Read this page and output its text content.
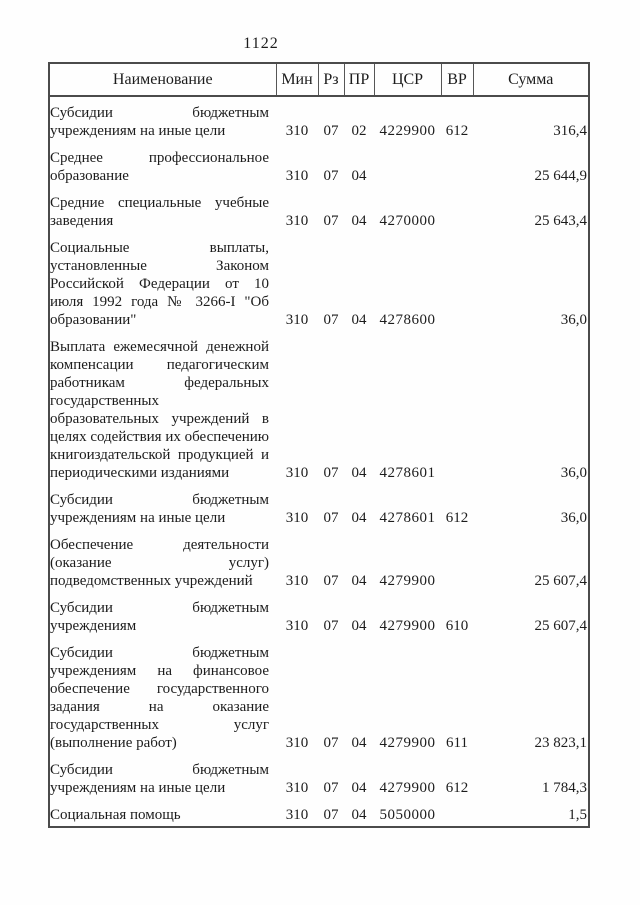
1122
Наименование	Мин	Рз	ПР	ЦСР	ВР	Сумма
Субсидии бюджетным учреждениям на иные цели	310	07	02	4229900	612	316,4
Среднее профессиональное образование	310	07	04			25 644,9
Средние специальные учебные заведения	310	07	04	4270000		25 643,4
Социальные выплаты, установленные Законом Российской Федерации от 10 июля 1992 года № 3266-I "Об образовании"	310	07	04	4278600		36,0
Выплата ежемесячной денежной компенсации педагогическим работникам федеральных государственных образовательных учреждений в целях содействия их обеспечению книгоиздательской продукцией и периодическими изданиями	310	07	04	4278601		36,0
Субсидии бюджетным учреждениям на иные цели	310	07	04	4278601	612	36,0
Обеспечение деятельности (оказание услуг) подведомственных учреждений	310	07	04	4279900		25 607,4
Субсидии бюджетным учреждениям	310	07	04	4279900	610	25 607,4
Субсидии бюджетным учреждениям на финансовое обеспечение государственного задания на оказание государственных услуг (выполнение работ)	310	07	04	4279900	611	23 823,1
Субсидии бюджетным учреждениям на иные цели	310	07	04	4279900	612	1 784,3
Социальная помощь	310	07	04	5050000		1,5
